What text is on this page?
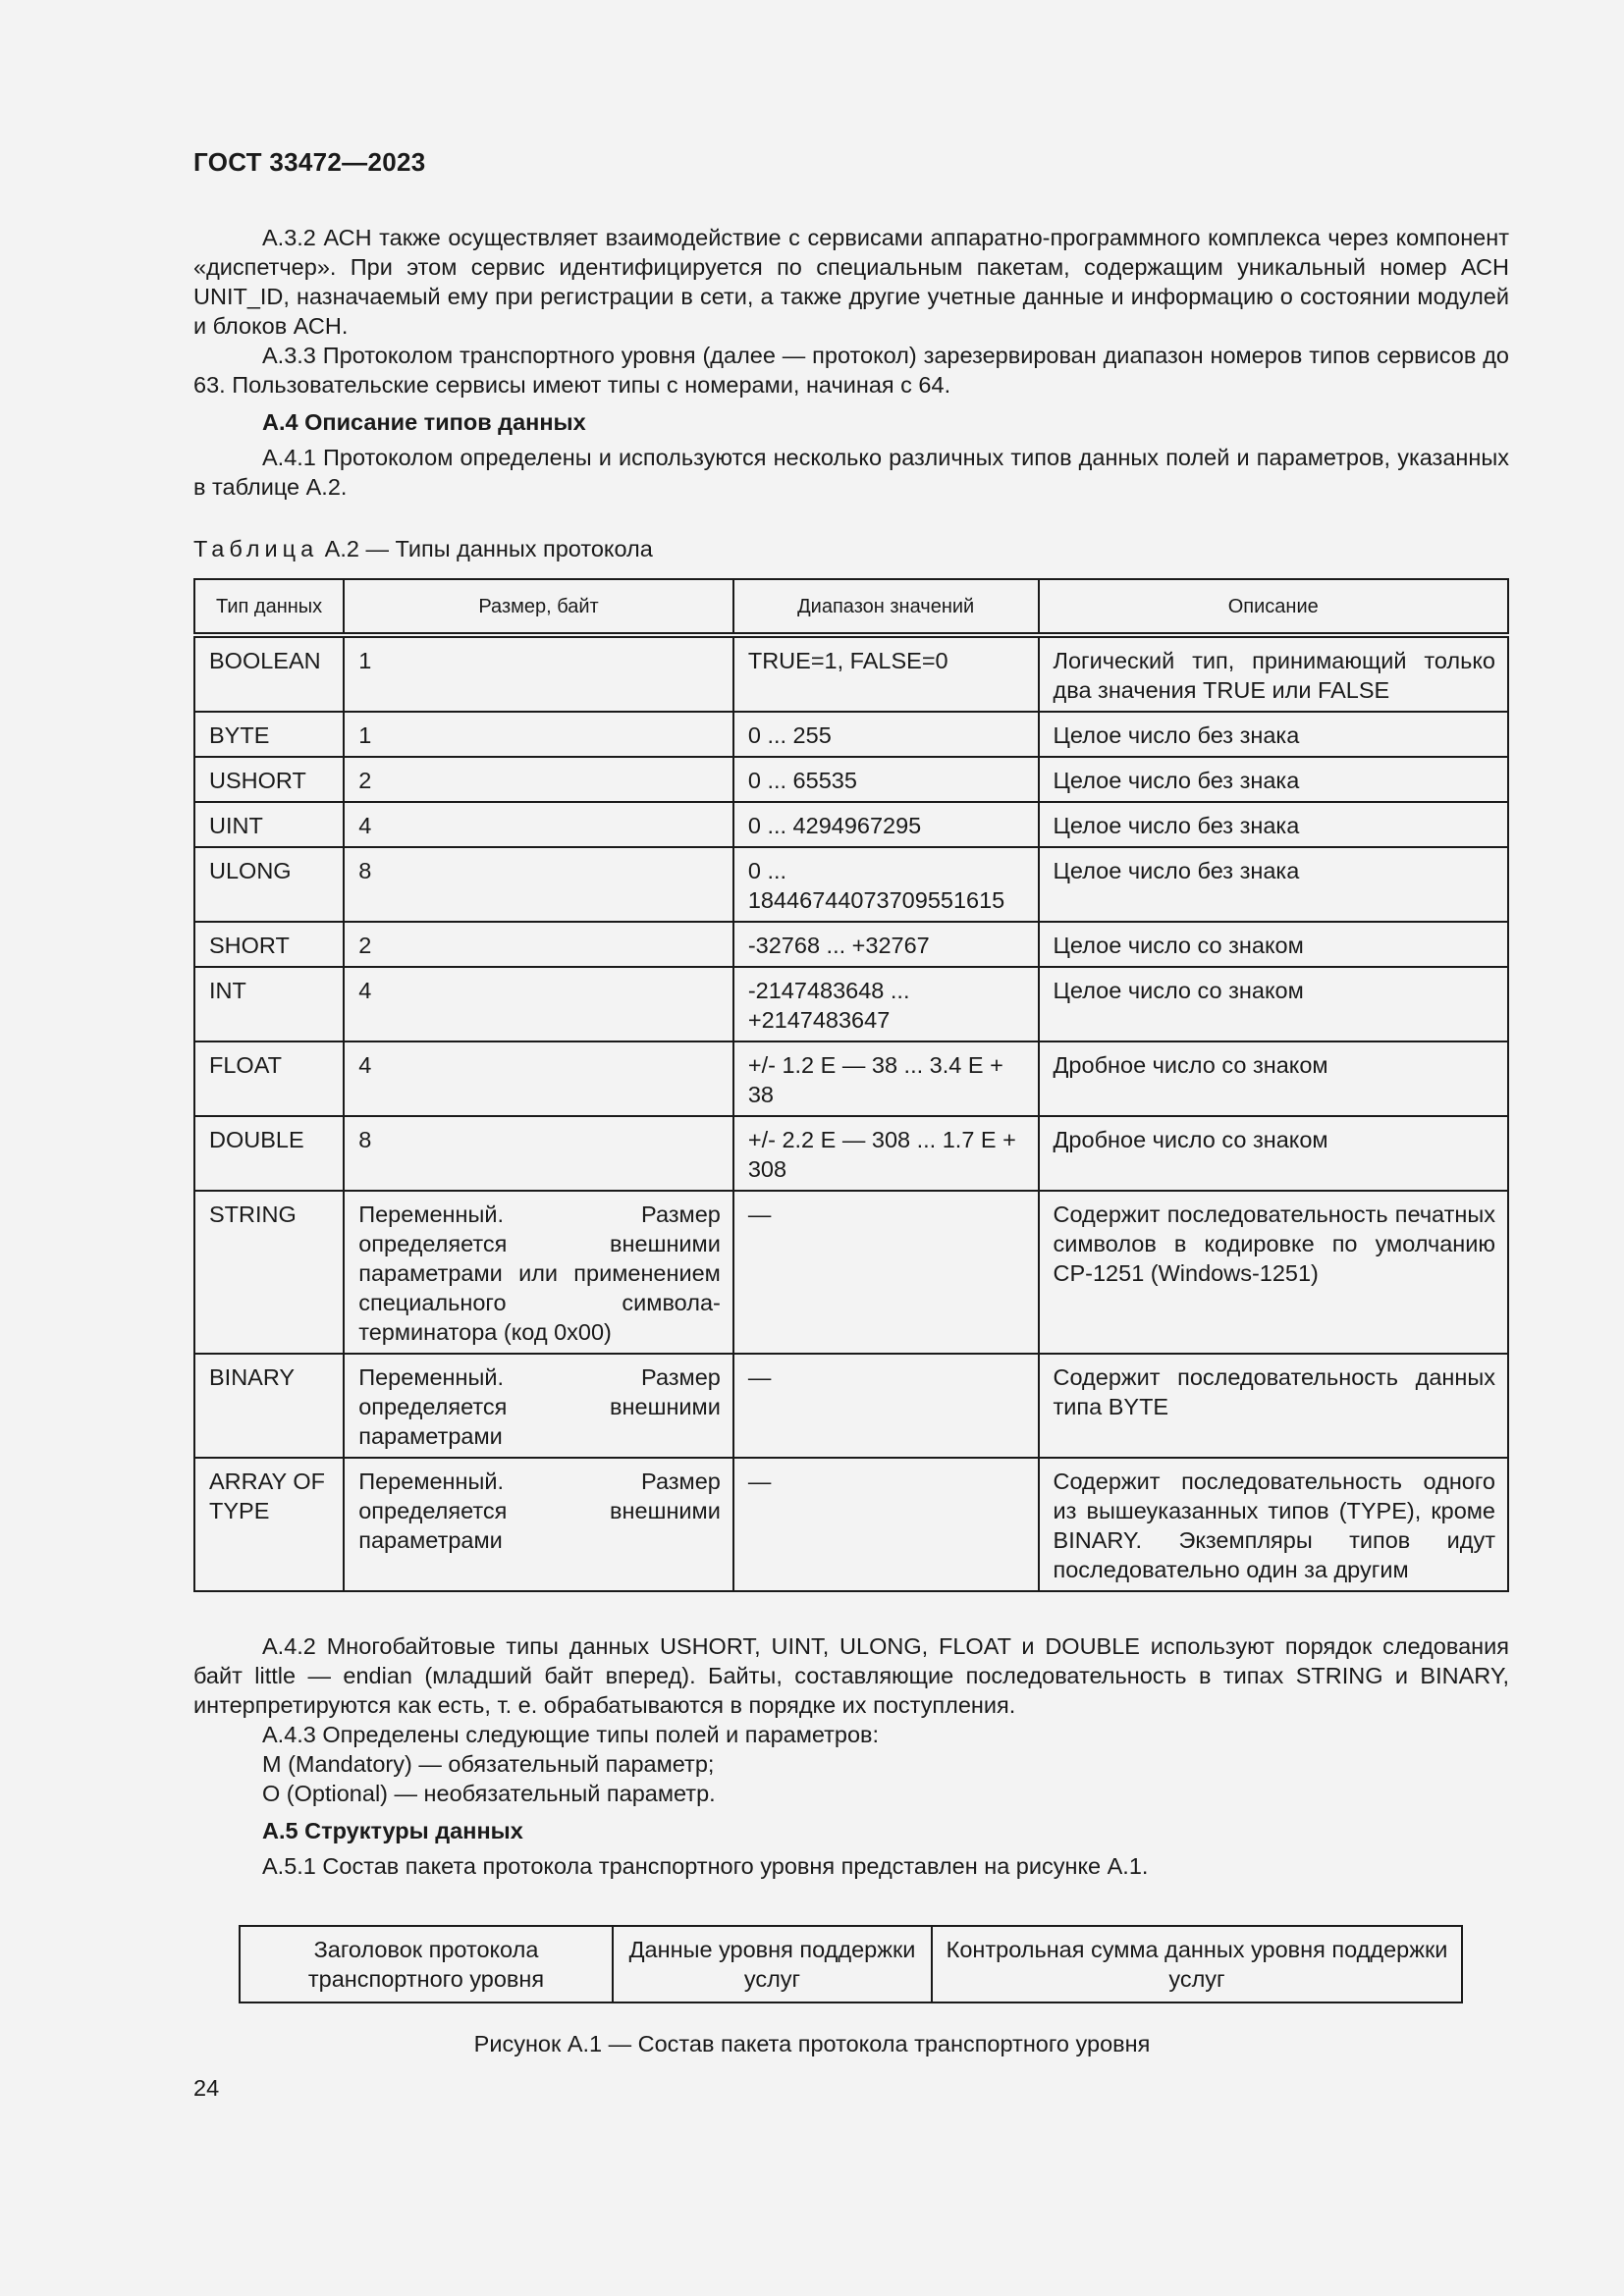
ГОСТ 33472—2023

А.3.2 АСН также осуществляет взаимодействие с сервисами аппаратно-программного комплекса через компонент «диспетчер». При этом сервис идентифицируется по специальным пакетам, содержащим уникальный номер АСН UNIT_ID, назначаемый ему при регистрации в сети, а также другие учетные данные и информацию о состоянии модулей и блоков АСН.

А.3.3 Протоколом транспортного уровня (далее — протокол) зарезервирован диапазон номеров типов сервисов до 63. Пользовательские сервисы имеют типы с номерами, начиная с 64.

А.4 Описание типов данных

А.4.1 Протоколом определены и используются несколько различных типов данных полей и параметров, указанных в таблице А.2.

Таблица А.2 — Типы данных протокола
Тип данных	Размер, байт	Диапазон значений	Описание
BOOLEAN	1	TRUE=1, FALSE=0	Логический тип, принимающий только два значения TRUE или FALSE
BYTE	1	0 ... 255	Целое число без знака
USHORT	2	0 ... 65535	Целое число без знака
UINT	4	0 ... 4294967295	Целое число без знака
ULONG	8	0 ... 18446744073709551615	Целое число без знака
SHORT	2	-32768 ... +32767	Целое число со знаком
INT	4	-2147483648 ... +2147483647	Целое число со знаком
FLOAT	4	+/- 1.2 E — 38 ... 3.4 E + 38	Дробное число со знаком
DOUBLE	8	+/- 2.2 E — 308 ... 1.7 E + 308	Дробное число со знаком
STRING	Переменный. Размер определяется внешними параметрами или применением специального символа-терминатора (код 0x00)	—	Содержит последовательность печатных символов в кодировке по умолчанию CP-1251 (Windows-1251)
BINARY	Переменный. Размер определяется внешними параметрами	—	Содержит последовательность данных типа BYTE
ARRAY OF TYPE	Переменный. Размер определяется внешними параметрами	—	Содержит последовательность одного из вышеуказанных типов (TYPE), кроме BINARY. Экземпляры типов идут последовательно один за другим

А.4.2 Многобайтовые типы данных USHORT, UINT, ULONG, FLOAT и DOUBLE используют порядок следования байт little — endian (младший байт вперед). Байты, составляющие последовательность в типах STRING и BINARY, интерпретируются как есть, т. е. обрабатываются в порядке их поступления.

А.4.3 Определены следующие типы полей и параметров:

М (Mandatory) — обязательный параметр;

О (Optional) — необязательный параметр.

А.5 Структуры данных

А.5.1 Состав пакета протокола транспортного уровня представлен на рисунке А.1.

Заголовок протокола транспортного уровня	Данные уровня поддержки услуг	Контрольная сумма данных уровня поддержки услуг
Рисунок А.1 — Состав пакета протокола транспортного уровня
24
